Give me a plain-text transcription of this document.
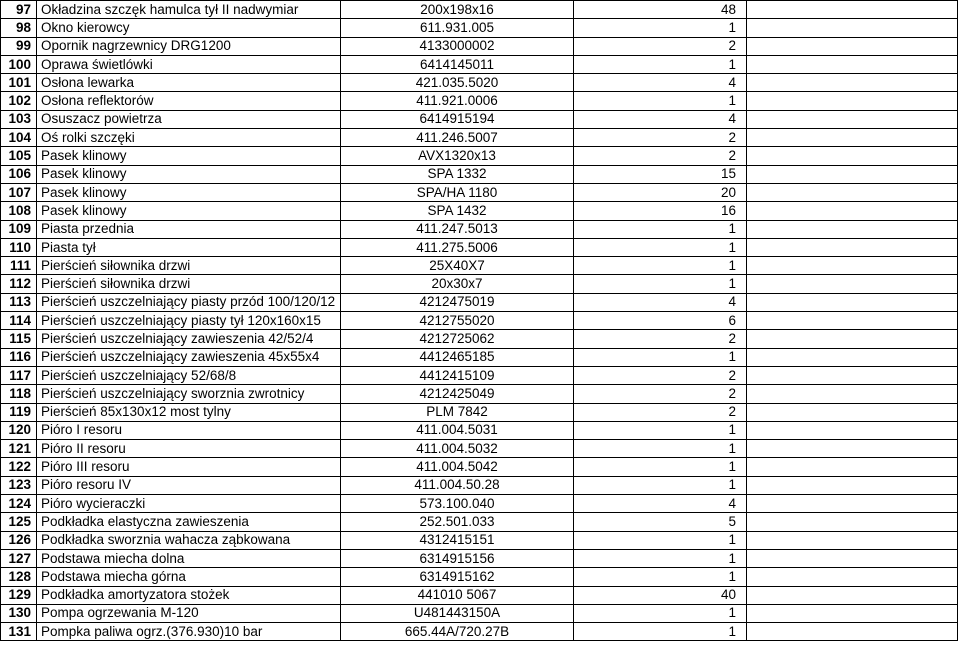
97	Okładzina szczęk hamulca tył II nadwymiar	200x198x16	48	
98	Okno kierowcy	611.931.005	1	
99	Opornik nagrzewnicy DRG1200	4133000002	2	
100	Oprawa świetlówki	6414145011	1	
101	Osłona lewarka	421.035.5020	4	
102	Osłona reflektorów	411.921.0006	1	
103	Osuszacz powietrza	6414915194	4	
104	Oś rolki szczęki	411.246.5007	2	
105	Pasek klinowy	AVX1320x13	2	
106	Pasek klinowy	SPA 1332	15	
107	Pasek klinowy	SPA/HA 1180	20	
108	Pasek klinowy	SPA 1432	16	
109	Piasta przednia	411.247.5013	1	
110	Piasta tył	411.275.5006	1	
111	Pierścień siłownika drzwi	25X40X7	1	
112	Pierścień siłownika drzwi	20x30x7	1	
113	Pierścień uszczelniający piasty przód 100/120/12	4212475019	4	
114	Pierścień uszczelniający piasty tył 120x160x15	4212755020	6	
115	Pierścień uszczelniający zawieszenia 42/52/4	4212725062	2	
116	Pierścień uszczelniający zawieszenia 45x55x4	4412465185	1	
117	Pierścień uszczelniający 52/68/8	4412415109	2	
118	Pierścień uszczelniający sworznia zwrotnicy	4212425049	2	
119	Pierścień 85x130x12 most tylny	PLM 7842	2	
120	Pióro I resoru	411.004.5031	1	
121	Pióro II resoru	411.004.5032	1	
122	Pióro III resoru	411.004.5042	1	
123	Pióro resoru IV	411.004.50.28	1	
124	Pióro wycieraczki	573.100.040	4	
125	Podkładka elastyczna zawieszenia	252.501.033	5	
126	Podkładka sworznia wahacza ząbkowana	4312415151	1	
127	Podstawa miecha dolna	6314915156	1	
128	Podstawa miecha górna	6314915162	1	
129	Podkładka amortyzatora stożek	441010 5067	40	
130	Pompa ogrzewania M-120	U481443150A	1	
131	Pompka paliwa ogrz.(376.930)10 bar	665.44A/720.27B	1	
